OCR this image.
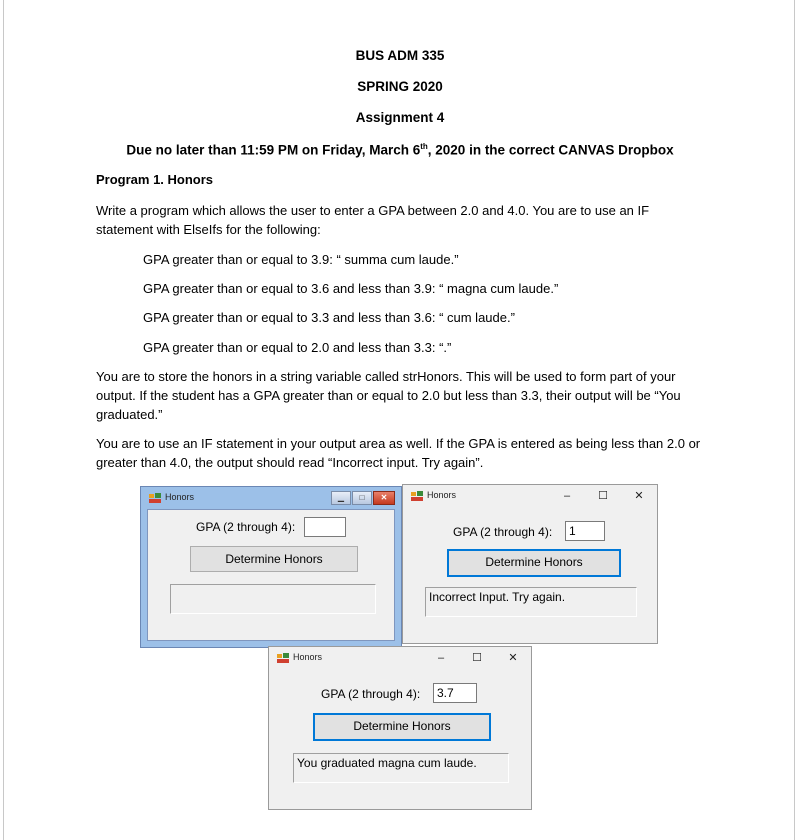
BUS ADM 335
SPRING 2020
Assignment 4
Due no later than 11:59 PM on Friday, March 6th, 2020 in the correct CANVAS Dropbox
Program 1. Honors
Write a program which allows the user to enter a GPA between 2.0 and 4.0. You are to use an IF
statement with ElseIfs for the following:
GPA greater than or equal to 3.9: “ summa cum laude.”
GPA greater than or equal to 3.6 and less than 3.9: “ magna cum laude.”
GPA greater than or equal to 3.3 and less than 3.6: “ cum laude.”
GPA greater than or equal to 2.0 and less than 3.3: “.”
You are to store the honors in a string variable called strHonors. This will be used to form part of your
output. If the student has a GPA greater than or equal to 2.0 but less than 3.3, their output will be “You
graduated.”
You are to use an IF statement in your output area as well. If the GPA is entered as being less than 2.0 or
greater than 4.0, the output should read “Incorrect input. Try again”.
Honors	▁	□	✕
GPA (2 through 4):
Determine Honors
Honors	–	☐	✕
GPA (2 through 4):	1
Determine Honors
Incorrect Input. Try again.
Honors	–	☐	✕
GPA (2 through 4):	3.7
Determine Honors
You graduated magna cum laude.
